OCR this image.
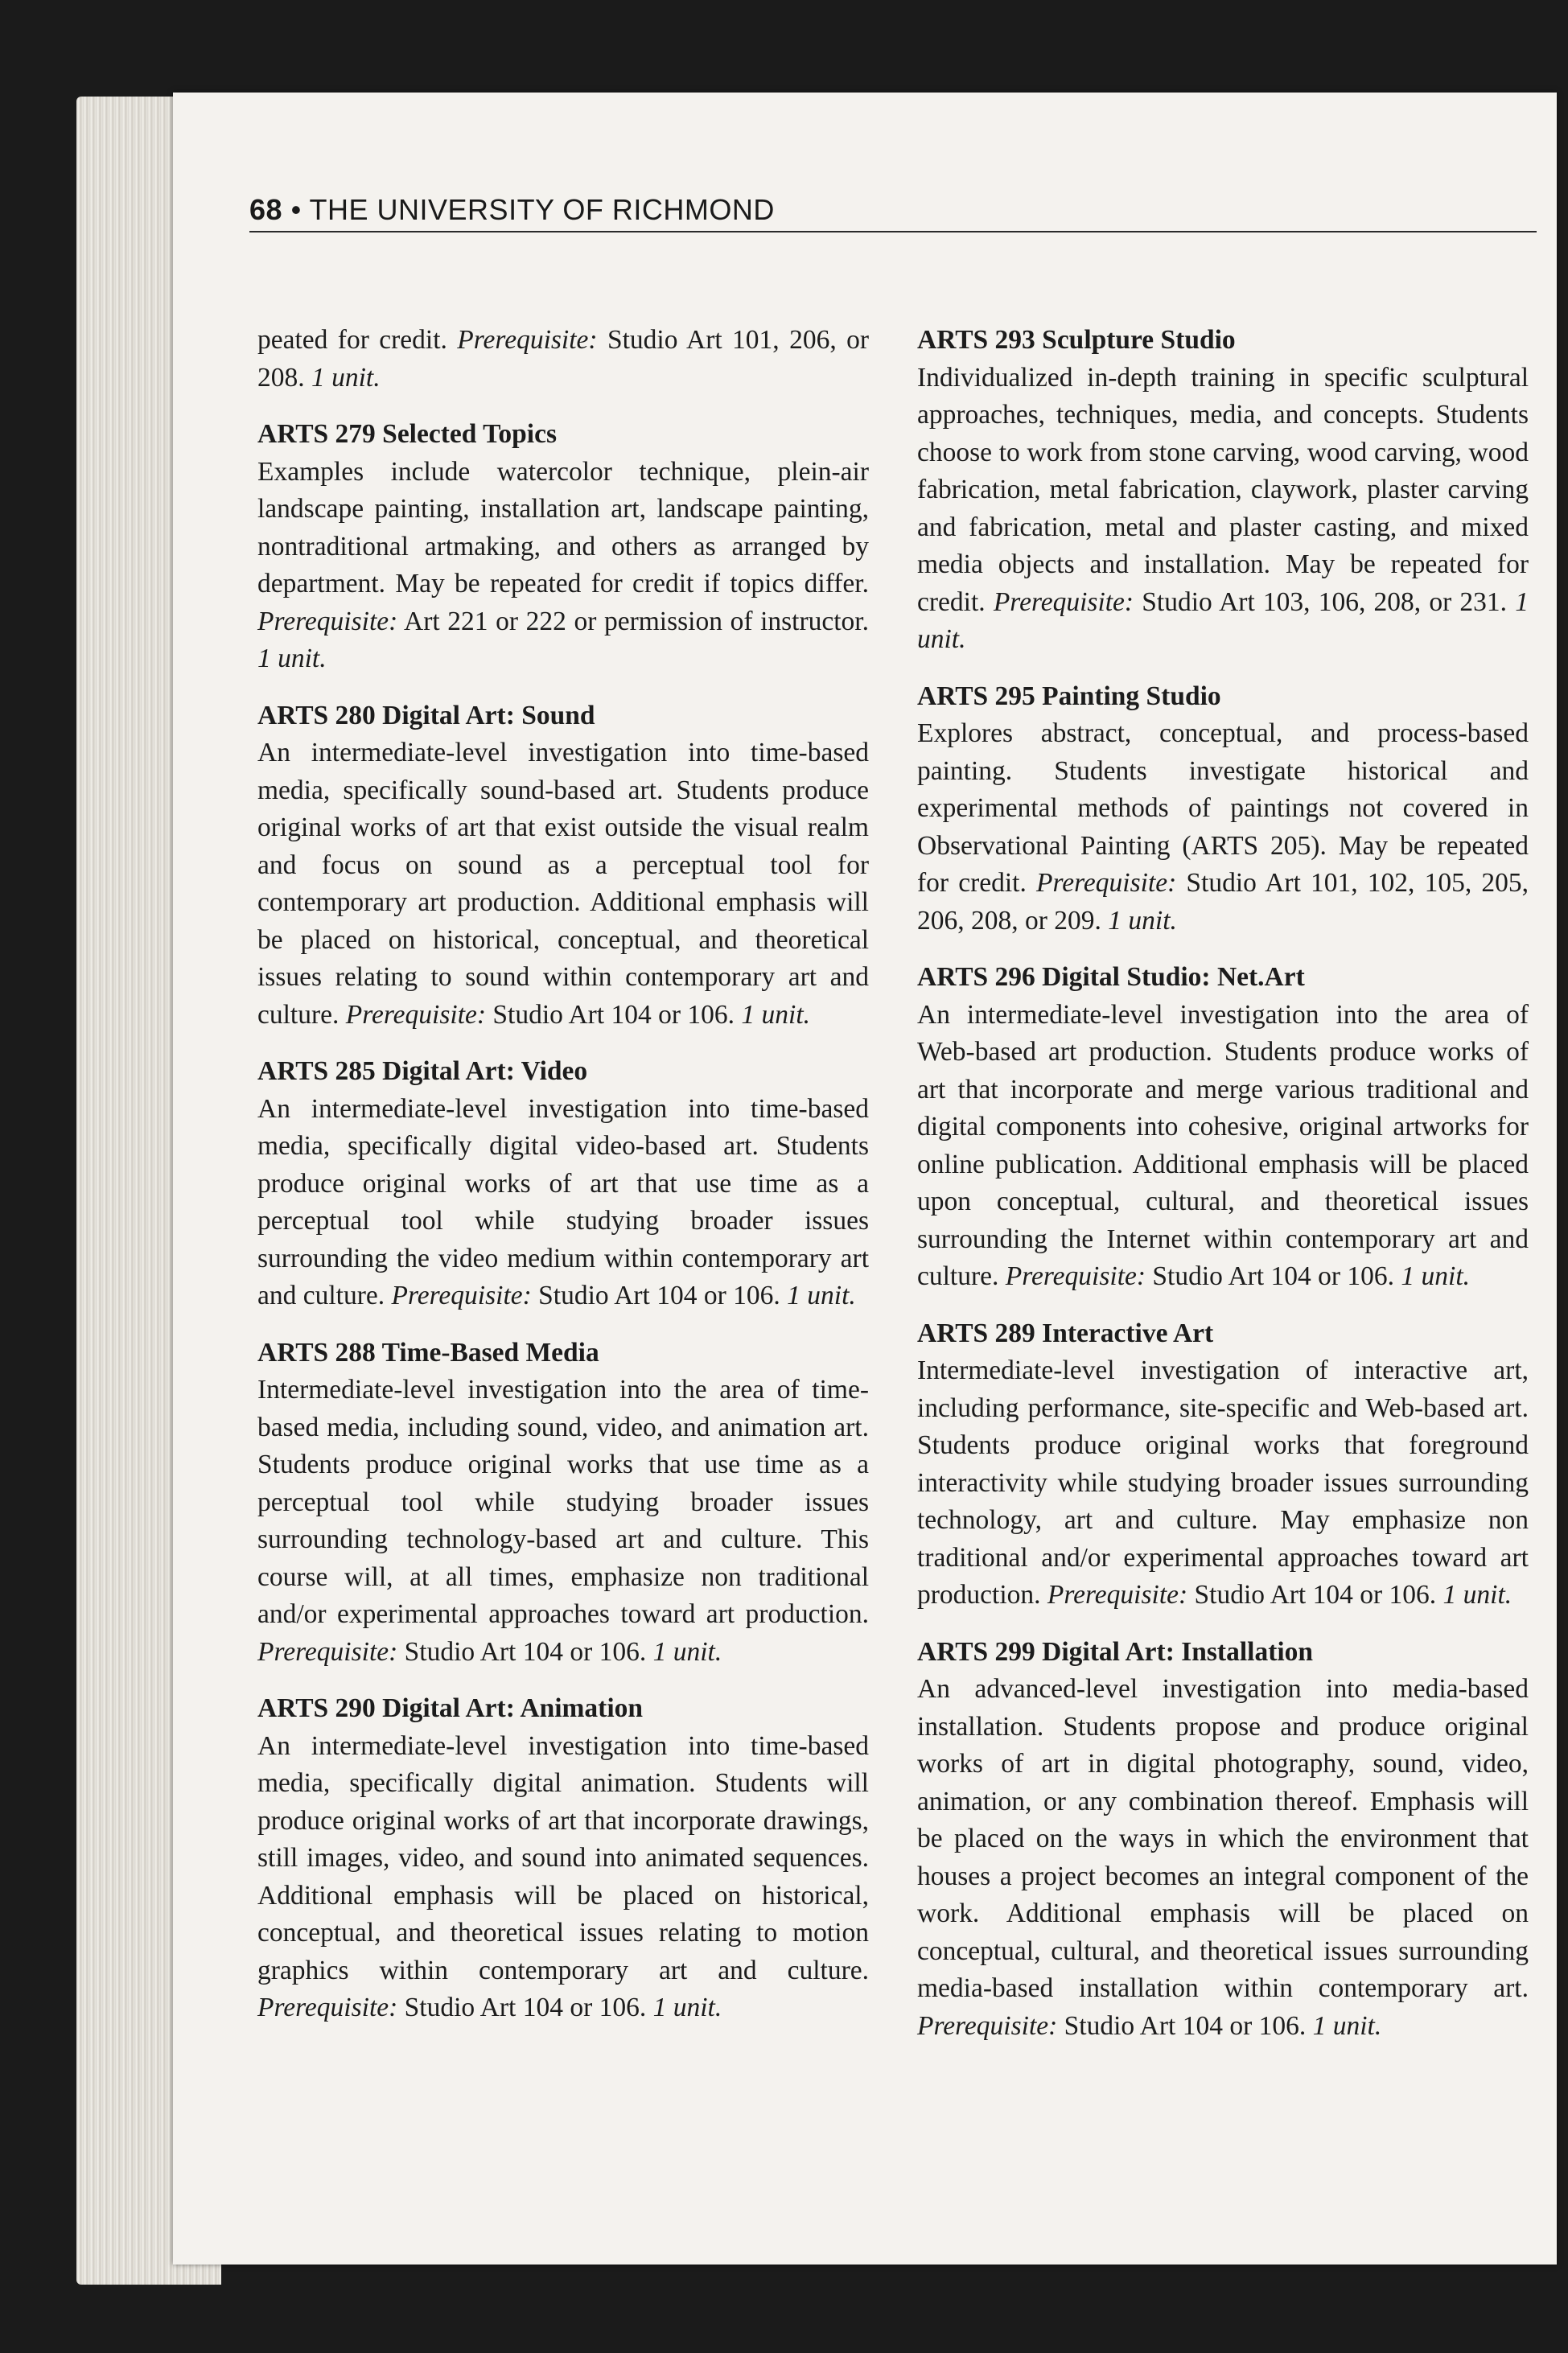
68 • THE UNIVERSITY OF RICHMOND

peated for credit. Prerequisite: Studio Art 101, 206, or 208. 1 unit.

ARTS 279 Selected Topics

Examples include watercolor technique, plein-air landscape painting, installation art, landscape painting, nontraditional artmaking, and others as arranged by department. May be repeated for credit if topics differ. Prerequisite: Art 221 or 222 or permission of instructor. 1 unit.

ARTS 280 Digital Art: Sound

An intermediate-level investigation into time-based media, specifically sound-based art. Students produce original works of art that exist outside the visual realm and focus on sound as a perceptual tool for contemporary art production. Additional emphasis will be placed on historical, conceptual, and theoretical issues relating to sound within contemporary art and culture. Prerequisite: Studio Art 104 or 106. 1 unit.

ARTS 285 Digital Art: Video

An intermediate-level investigation into time-based media, specifically digital video-based art. Students produce original works of art that use time as a perceptual tool while studying broader issues surrounding the video medium within contemporary art and culture. Prerequisite: Studio Art 104 or 106. 1 unit.

ARTS 288 Time-Based Media

Intermediate-level investigation into the area of time-based media, including sound, video, and animation art. Students produce original works that use time as a perceptual tool while studying broader issues surrounding technology-based art and culture. This course will, at all times, emphasize non traditional and/or experimental approaches toward art production. Prerequisite: Studio Art 104 or 106. 1 unit.

ARTS 290 Digital Art: Animation

An intermediate-level investigation into time-based media, specifically digital animation. Students will produce original works of art that incorporate drawings, still images, video, and sound into animated sequences. Additional emphasis will be placed on historical, conceptual, and theoretical issues relating to motion graphics within contemporary art and culture. Prerequisite: Studio Art 104 or 106. 1 unit.

ARTS 293 Sculpture Studio

Individualized in-depth training in specific sculptural approaches, techniques, media, and concepts. Students choose to work from stone carving, wood carving, wood fabrication, metal fabrication, claywork, plaster carving and fabrication, metal and plaster casting, and mixed media objects and installation. May be repeated for credit. Prerequisite: Studio Art 103, 106, 208, or 231. 1 unit.

ARTS 295 Painting Studio

Explores abstract, conceptual, and process-based painting. Students investigate historical and experimental methods of paintings not covered in Observational Painting (ARTS 205). May be repeated for credit. Prerequisite: Studio Art 101, 102, 105, 205, 206, 208, or 209. 1 unit.

ARTS 296 Digital Studio: Net.Art

An intermediate-level investigation into the area of Web-based art production. Students produce works of art that incorporate and merge various traditional and digital components into cohesive, original artworks for online publication. Additional emphasis will be placed upon conceptual, cultural, and theoretical issues surrounding the Internet within contemporary art and culture. Prerequisite: Studio Art 104 or 106. 1 unit.

ARTS 289 Interactive Art

Intermediate-level investigation of interactive art, including performance, site-specific and Web-based art. Students produce original works that foreground interactivity while studying broader issues surrounding technology, art and culture. May emphasize non traditional and/or experimental approaches toward art production. Prerequisite: Studio Art 104 or 106. 1 unit.

ARTS 299 Digital Art: Installation

An advanced-level investigation into media-based installation. Students propose and produce original works of art in digital photography, sound, video, animation, or any combination thereof. Emphasis will be placed on the ways in which the environment that houses a project becomes an integral component of the work. Additional emphasis will be placed on conceptual, cultural, and theoretical issues surrounding media-based installation within contemporary art. Prerequisite: Studio Art 104 or 106. 1 unit.
